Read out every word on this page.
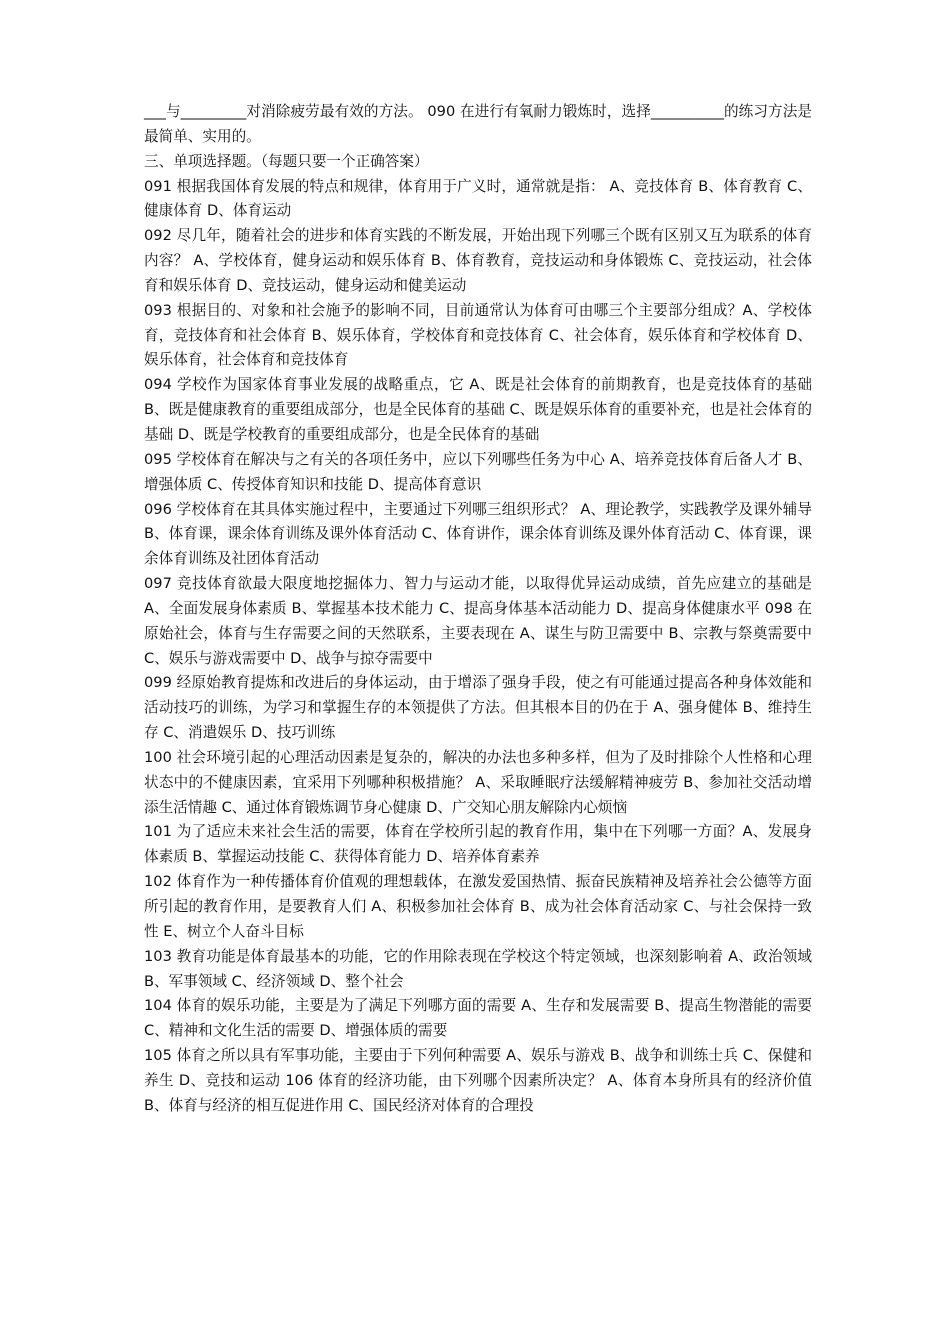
___与_________对消除疲劳最有效的方法。 090 在进行有氧耐力锻炼时，选择__________的练习方法是最简单、实用的。

三、单项选择题。（每题只要一个正确答案）

091 根据我国体育发展的特点和规律，体育用于广义时，通常就是指： A、竞技体育 B、体育教育 C、健康体育 D、体育运动

092 尽几年，随着社会的进步和体育实践的不断发展，开始出现下列哪三个既有区别又互为联系的体育内容？ A、学校体育，健身运动和娱乐体育 B、体育教育，竞技运动和身体锻炼 C、竞技运动，社会体育和娱乐体育 D、竞技运动，健身运动和健美运动

093 根据目的、对象和社会施予的影响不同，目前通常认为体育可由哪三个主要部分组成？A、学校体育，竞技体育和社会体育 B、娱乐体育，学校体育和竞技体育 C、社会体育，娱乐体育和学校体育 D、娱乐体育，社会体育和竞技体育

094 学校作为国家体育事业发展的战略重点，它 A、既是社会体育的前期教育，也是竞技体育的基础 B、既是健康教育的重要组成部分，也是全民体育的基础 C、既是娱乐体育的重要补充，也是社会体育的基础 D、既是学校教育的重要组成部分，也是全民体育的基础

095 学校体育在解决与之有关的各项任务中，应以下列哪些任务为中心 A、培养竞技体育后备人才 B、增强体质 C、传授体育知识和技能 D、提高体育意识

096 学校体育在其具体实施过程中，主要通过下列哪三组织形式？ A、理论教学，实践教学及课外辅导 B、体育课，课余体育训练及课外体育活动 C、体育讲作，课余体育训练及课外体育活动 C、体育课，课余体育训练及社团体育活动

097 竞技体育欲最大限度地挖掘体力、智力与运动才能，以取得优异运动成绩，首先应建立的基础是 A、全面发展身体素质 B、掌握基本技术能力 C、提高身体基本活动能力 D、提高身体健康水平 098 在原始社会，体育与生存需要之间的天然联系，主要表现在 A、谋生与防卫需要中 B、宗教与祭奠需要中 C、娱乐与游戏需要中 D、战争与掠夺需要中

099 经原始教育提炼和改进后的身体运动，由于增添了强身手段，使之有可能通过提高各种身体效能和活动技巧的训练，为学习和掌握生存的本领提供了方法。但其根本目的仍在于 A、强身健体 B、维持生存 C、消遣娱乐 D、技巧训练

100 社会环境引起的心理活动因素是复杂的，解决的办法也多种多样，但为了及时排除个人性格和心理状态中的不健康因素，宜采用下列哪种积极措施？ A、采取睡眠疗法缓解精神疲劳 B、参加社交活动增添生活情趣 C、通过体育锻炼调节身心健康 D、广交知心朋友解除内心烦恼

101 为了适应未来社会生活的需要，体育在学校所引起的教育作用，集中在下列哪一方面？A、发展身体素质 B、掌握运动技能 C、获得体育能力 D、培养体育素养

102 体育作为一种传播体育价值观的理想载体，在激发爱国热情、振奋民族精神及培养社会公德等方面所引起的教育作用，是要教育人们 A、积极参加社会体育 B、成为社会体育活动家 C、与社会保持一致性 E、树立个人奋斗目标

103 教育功能是体育最基本的功能，它的作用除表现在学校这个特定领域，也深刻影响着 A、政治领域 B、军事领域 C、经济领域 D、整个社会

104 体育的娱乐功能，主要是为了满足下列哪方面的需要 A、生存和发展需要 B、提高生物潜能的需要 C、精神和文化生活的需要 D、增强体质的需要

105 体育之所以具有军事功能，主要由于下列何种需要 A、娱乐与游戏 B、战争和训练士兵 C、保健和养生 D、竞技和运动 106 体育的经济功能，由下列哪个因素所决定？ A、体育本身所具有的经济价值 B、体育与经济的相互促进作用 C、国民经济对体育的合理投
